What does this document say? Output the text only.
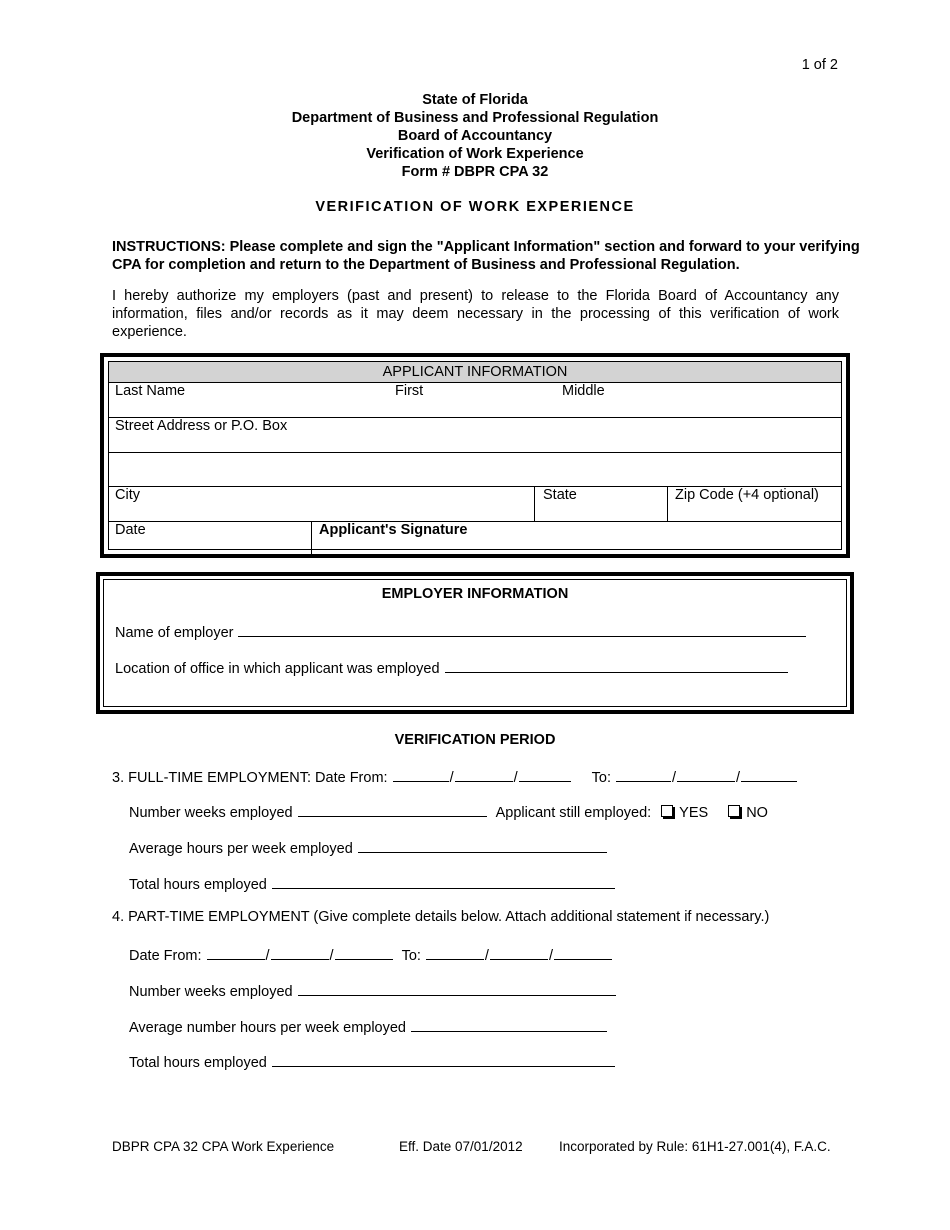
1 of 2
State of Florida
Department of Business and Professional Regulation
Board of Accountancy
Verification of Work Experience
Form # DBPR CPA 32
VERIFICATION OF WORK EXPERIENCE
INSTRUCTIONS: Please complete and sign the "Applicant Information" section and forward to your verifying CPA for completion and return to the Department of Business and Professional Regulation.
I hereby authorize my employers (past and present) to release to the Florida Board of Accountancy any information, files and/or records as it may deem necessary in the processing of this verification of work experience.
APPLICANT INFORMATION
Last Name	First	Middle
Street Address or P.O. Box
City	State	Zip Code (+4 optional)
Date	Applicant's Signature
EMPLOYER INFORMATION
Name of employer
Location of office in which applicant was employed
VERIFICATION PERIOD
3. FULL-TIME EMPLOYMENT: Date From:	/	/	To:	/	/
Number weeks employed	Applicant still employed: YES	NO
Average hours per week employed
Total hours employed
4. PART-TIME EMPLOYMENT (Give complete details below. Attach additional statement if necessary.)
Date From:	/	/	To:	/	/
Number weeks employed
Average number hours per week employed
Total hours employed
DBPR CPA 32 CPA Work Experience	Eff. Date 07/01/2012	Incorporated by Rule: 61H1-27.001(4), F.A.C.
